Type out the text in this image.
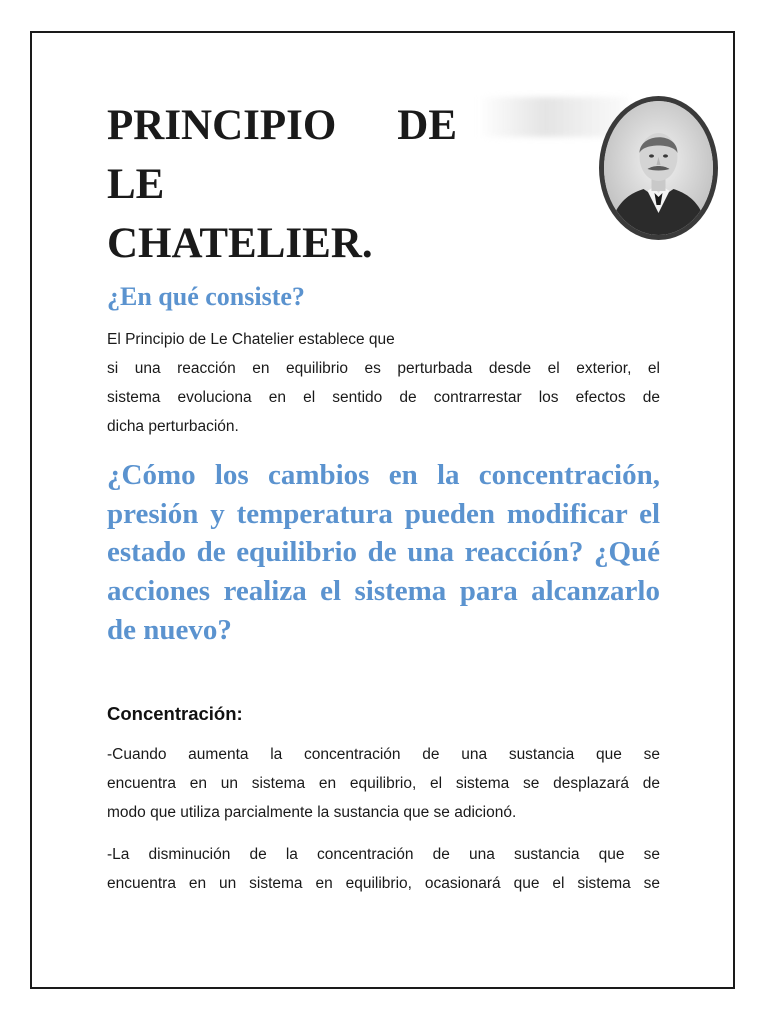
PRINCIPIO DE
LE
CHATELIER.
¿En qué consiste?

El Principio de Le Chatelier establece que
si una reacción en equilibrio es perturbada desde el exterior, el
sistema evoluciona en el sentido de contrarrestar los efectos de
dicha perturbación.

¿Cómo los cambios en la concentración, presión y temperatura pueden modificar el estado de equilibrio de una reacción? ¿Qué acciones realiza el sistema para alcanzarlo de nuevo?
Concentración:

-Cuando aumenta la concentración de una sustancia que se
encuentra en un sistema en equilibrio, el sistema se desplazará de
modo que utiliza parcialmente la sustancia que se adicionó.

-La disminución de la concentración de una sustancia que se
encuentra en un sistema en equilibrio, ocasionará que el sistema se
